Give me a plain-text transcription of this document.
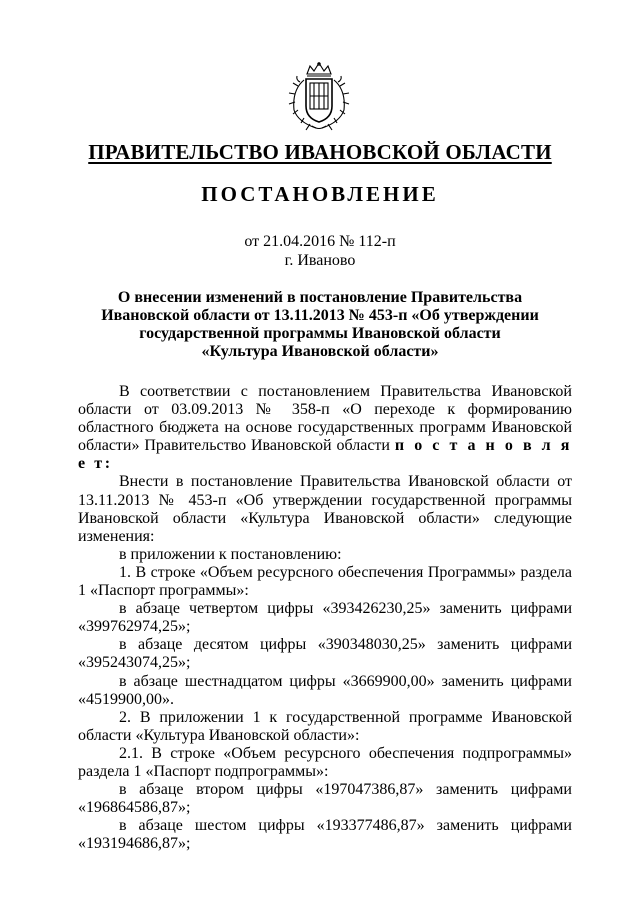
ПРАВИТЕЛЬСТВО ИВАНОВСКОЙ ОБЛАСТИ
ПОСТАНОВЛЕНИЕ
от 21.04.2016 № 112-п
г. Иваново
О внесении изменений в постановление Правительства
Ивановской области от 13.11.2013 № 453-п «Об утверждении
государственной программы Ивановской области
«Культура Ивановской области»

В соответствии с постановлением Правительства Ивановской области от 03.09.2013 № 358-п «О переходе к формированию областного бюджета на основе государственных программ Ивановской области» Правительство Ивановской области п о с т а н о в л я е т:

Внести в постановление Правительства Ивановской области от 13.11.2013 № 453-п «Об утверждении государственной программы Ивановской области «Культура Ивановской области» следующие изменения:

в приложении к постановлению:

1. В строке «Объем ресурсного обеспечения Программы» раздела 1 «Паспорт программы»:

в абзаце четвертом цифры «393426230,25» заменить цифрами «399762974,25»;

в абзаце десятом цифры «390348030,25» заменить цифрами «395243074,25»;

в абзаце шестнадцатом цифры «3669900,00» заменить цифрами «4519900,00».

2. В приложении 1 к государственной программе Ивановской области «Культура Ивановской области»:

2.1. В строке «Объем ресурсного обеспечения подпрограммы» раздела 1 «Паспорт подпрограммы»:

в абзаце втором цифры «197047386,87» заменить цифрами «196864586,87»;

в абзаце шестом цифры «193377486,87» заменить цифрами «193194686,87»;
